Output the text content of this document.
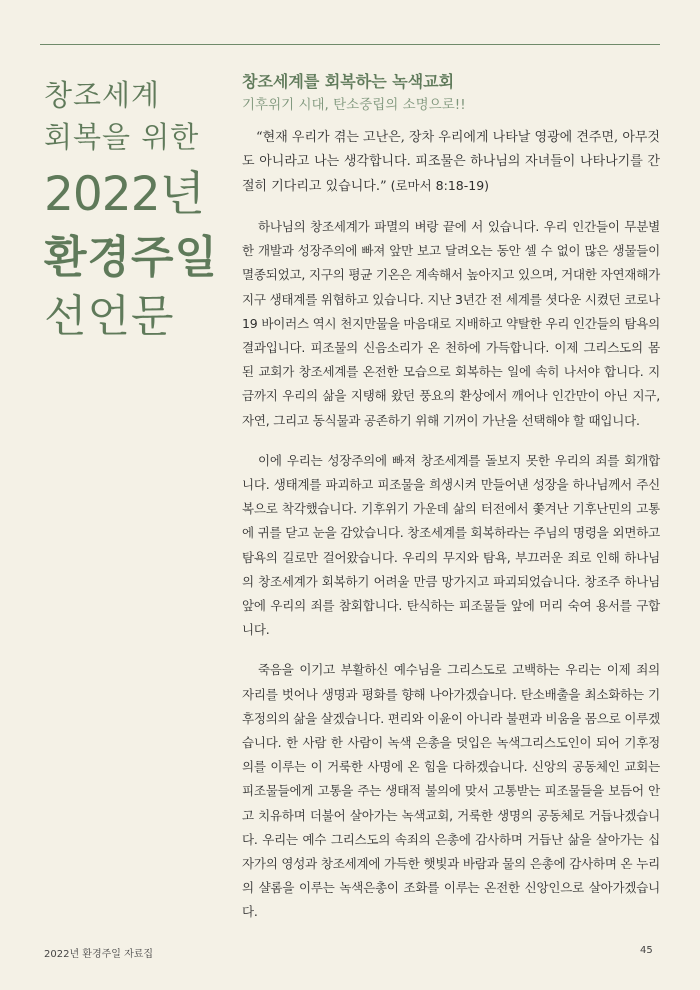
창조세계
회복을 위한
2022년
환경주일
선언문
창조세계를 회복하는 녹색교회
기후위기 시대, 탄소중립의 소명으로!!

“현재 우리가 겪는 고난은, 장차 우리에게 나타날 영광에 견주면, 아무것도 아니라고 나는 생각합니다. 피조물은 하나님의 자녀들이 나타나기를 간절히 기다리고 있습니다.” (로마서 8:18-19)

하나님의 창조세계가 파멸의 벼랑 끝에 서 있습니다. 우리 인간들이 무분별한 개발과 성장주의에 빠져 앞만 보고 달려오는 동안 셀 수 없이 많은 생물들이 멸종되었고, 지구의 평균 기온은 계속해서 높아지고 있으며, 거대한 자연재해가 지구 생태계를 위협하고 있습니다. 지난 3년간 전 세계를 셧다운 시켰던 코로나19 바이러스 역시 천지만물을 마음대로 지배하고 약탈한 우리 인간들의 탐욕의 결과입니다. 피조물의 신음소리가 온 천하에 가득합니다. 이제 그리스도의 몸 된 교회가 창조세계를 온전한 모습으로 회복하는 일에 속히 나서야 합니다. 지금까지 우리의 삶을 지탱해 왔던 풍요의 환상에서 깨어나 인간만이 아닌 지구, 자연, 그리고 동식물과 공존하기 위해 기꺼이 가난을 선택해야 할 때입니다.

이에 우리는 성장주의에 빠져 창조세계를 돌보지 못한 우리의 죄를 회개합니다. 생태계를 파괴하고 피조물을 희생시켜 만들어낸 성장을 하나님께서 주신 복으로 착각했습니다. 기후위기 가운데 삶의 터전에서 쫓겨난 기후난민의 고통에 귀를 닫고 눈을 감았습니다. 창조세계를 회복하라는 주님의 명령을 외면하고 탐욕의 길로만 걸어왔습니다. 우리의 무지와 탐욕, 부끄러운 죄로 인해 하나님의 창조세계가 회복하기 어려울 만큼 망가지고 파괴되었습니다. 창조주 하나님 앞에 우리의 죄를 참회합니다. 탄식하는 피조물들 앞에 머리 숙여 용서를 구합니다.

죽음을 이기고 부활하신 예수님을 그리스도로 고백하는 우리는 이제 죄의 자리를 벗어나 생명과 평화를 향해 나아가겠습니다. 탄소배출을 최소화하는 기후정의의 삶을 살겠습니다. 편리와 이윤이 아니라 불편과 비움을 몸으로 이루겠습니다. 한 사람 한 사람이 녹색 은총을 덧입은 녹색그리스도인이 되어 기후정의를 이루는 이 거룩한 사명에 온 힘을 다하겠습니다. 신앙의 공동체인 교회는 피조물들에게 고통을 주는 생태적 불의에 맞서 고통받는 피조물들을 보듬어 안고 치유하며 더불어 살아가는 녹색교회, 거룩한 생명의 공동체로 거듭나겠습니다. 우리는 예수 그리스도의 속죄의 은총에 감사하며 거듭난 삶을 살아가는 십자가의 영성과 창조세계에 가득한 햇빛과 바람과 물의 은총에 감사하며 온 누리의 샬롬을 이루는 녹색은총이 조화를 이루는 온전한 신앙인으로 살아가겠습니다.

2022년 환경주일 자료집	45
